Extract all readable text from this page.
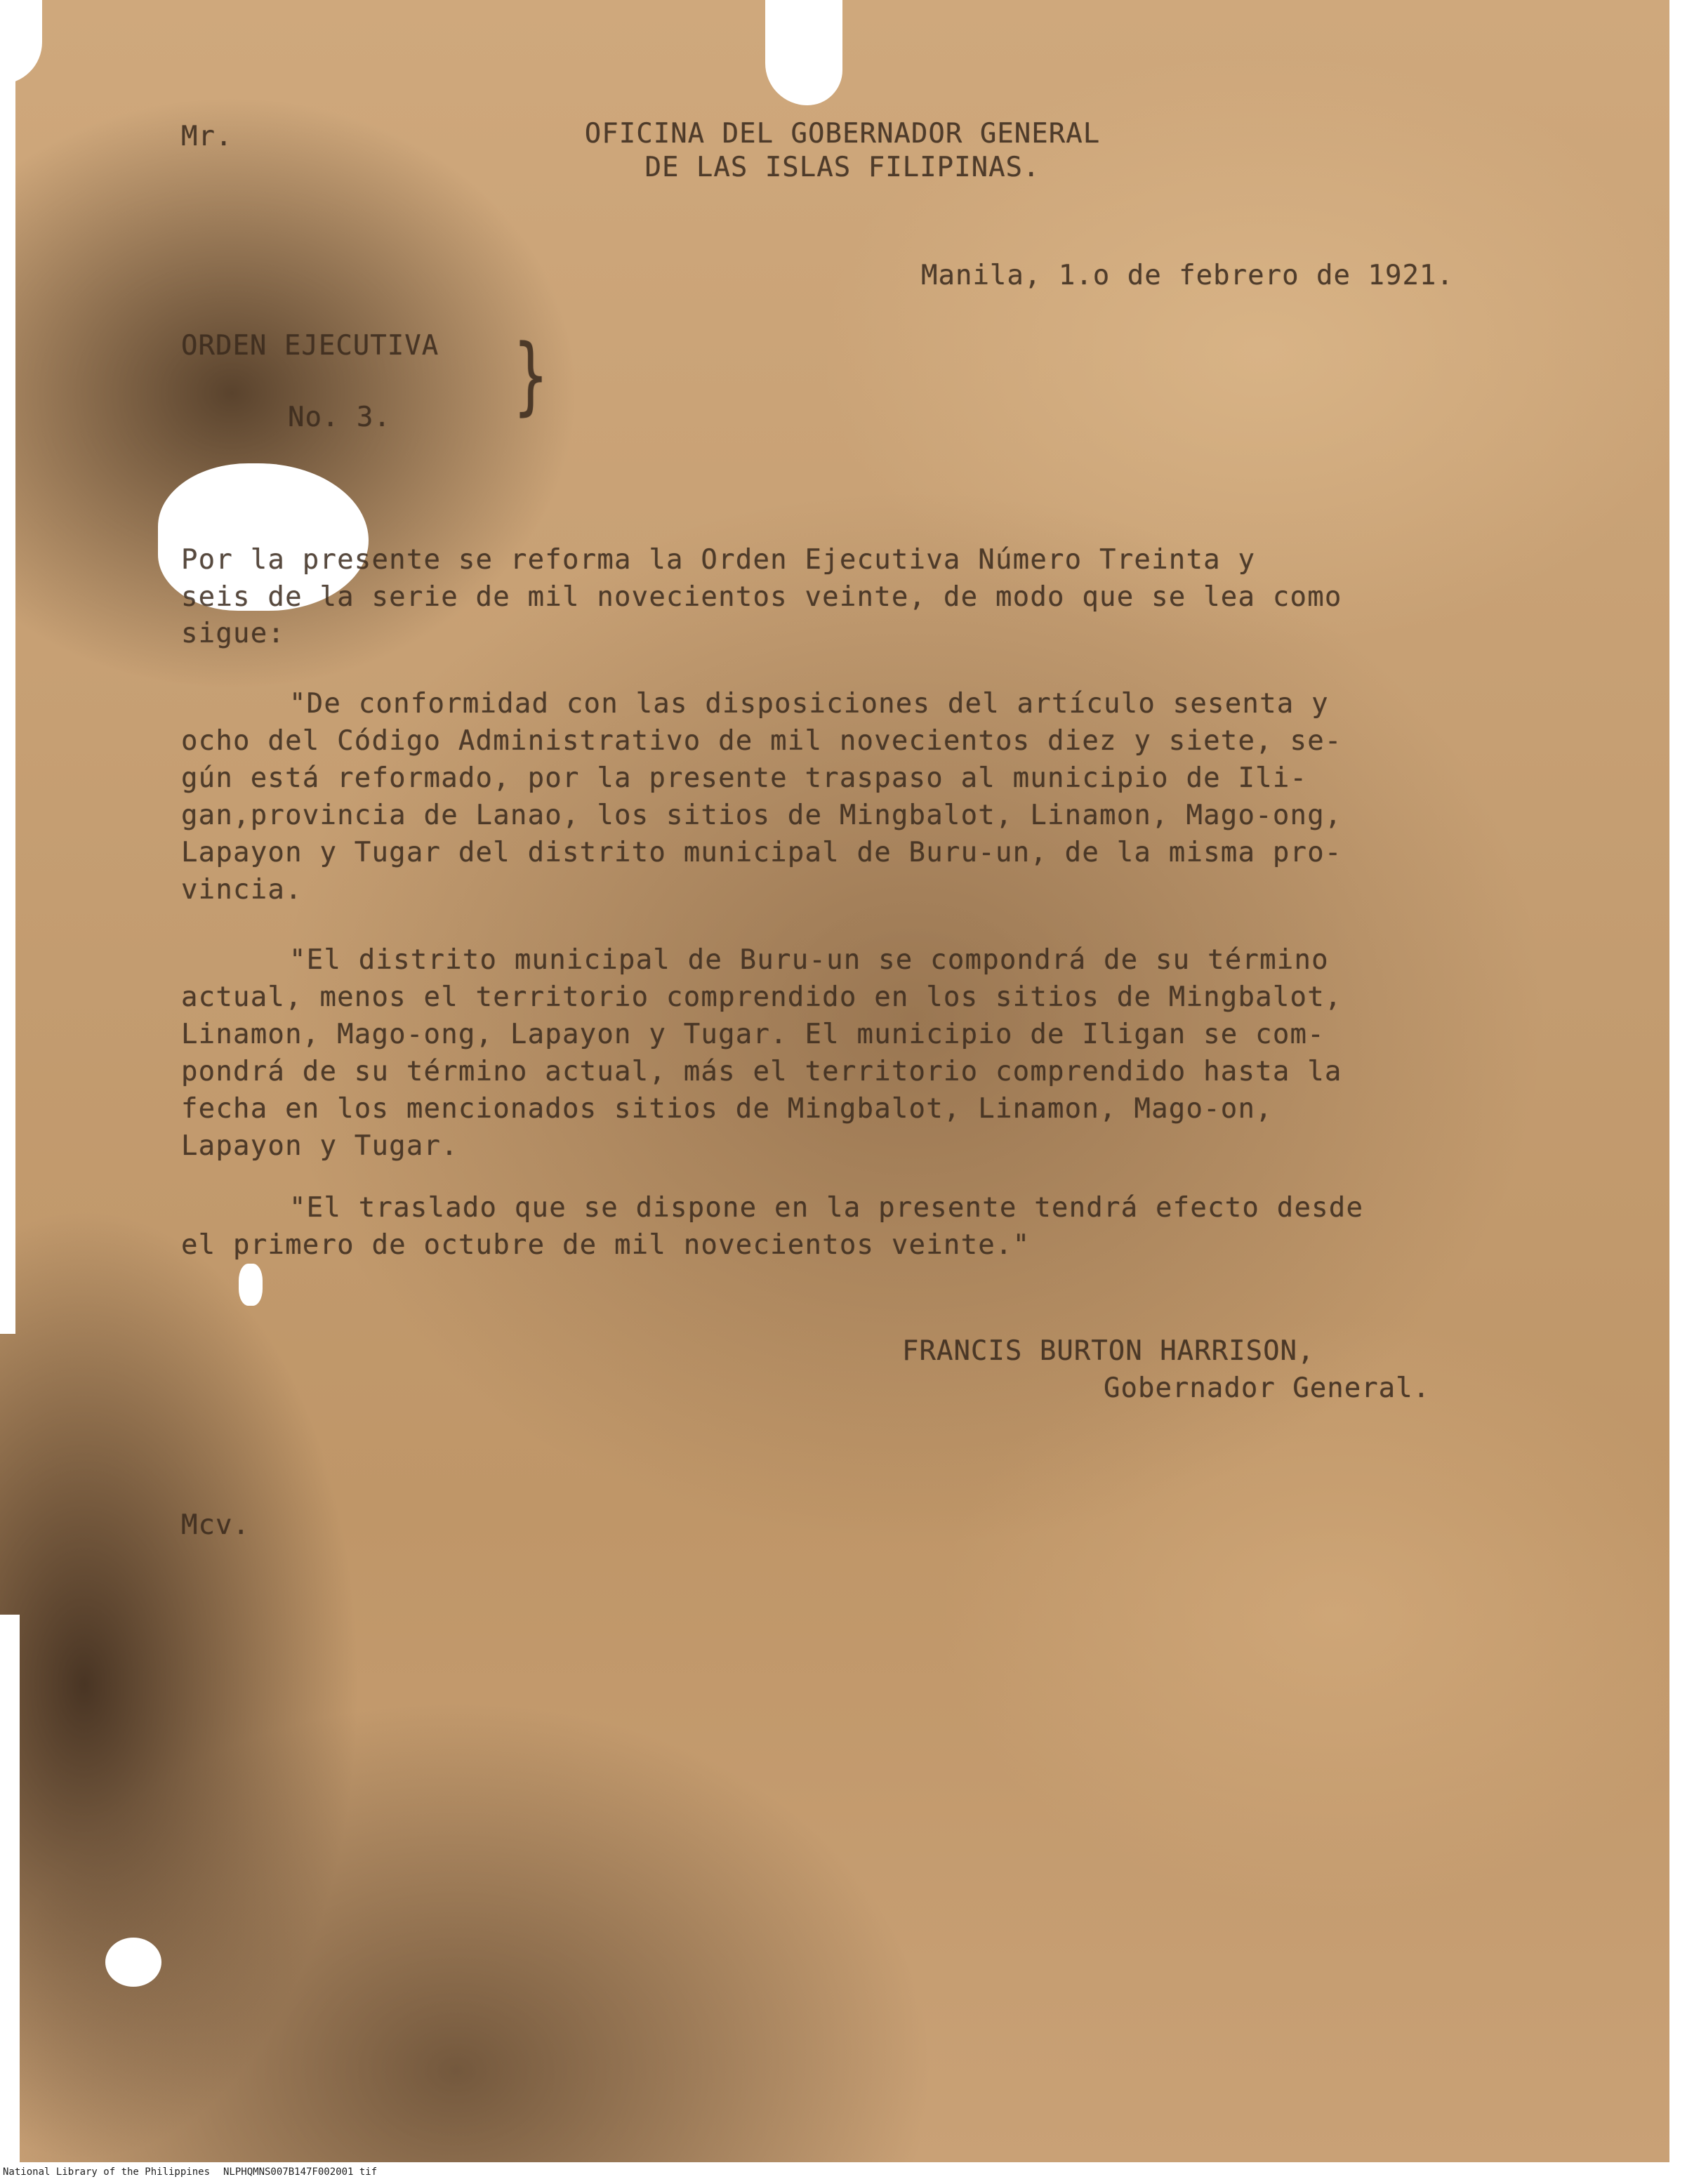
Mr.	OFICINA DEL GOBERNADOR GENERAL
DE LAS ISLAS FILIPINAS.
Manila, 1.o de febrero de 1921.
ORDEN EJECUTIVA
No. 3. }
Por la presente se reforma la Orden Ejecutiva Número Treinta y
seis de la serie de mil novecientos veinte, de modo que se lea como
sigue:
"De conformidad con las disposiciones del artículo sesenta y
ocho del Código Administrativo de mil novecientos diez y siete, se-
gún está reformado, por la presente traspaso al municipio de Ili-
gan,provincia de Lanao, los sitios de Mingbalot, Linamon, Mago-ong,
Lapayon y Tugar del distrito municipal de Buru-un, de la misma pro-
vincia.
"El distrito municipal de Buru-un se compondrá de su término
actual, menos el territorio comprendido en los sitios de Mingbalot,
Linamon, Mago-ong, Lapayon y Tugar. El municipio de Iligan se com-
pondrá de su término actual, más el territorio comprendido hasta la
fecha en los mencionados sitios de Mingbalot, Linamon, Mago-on,
Lapayon y Tugar.
"El traslado que se dispone en la presente tendrá efecto desde
el primero de octubre de mil novecientos veinte."
FRANCIS BURTON HARRISON,
Gobernador General.
Mcv.
National Library of the Philippines NLPHQMNS007B147F002001 tif
